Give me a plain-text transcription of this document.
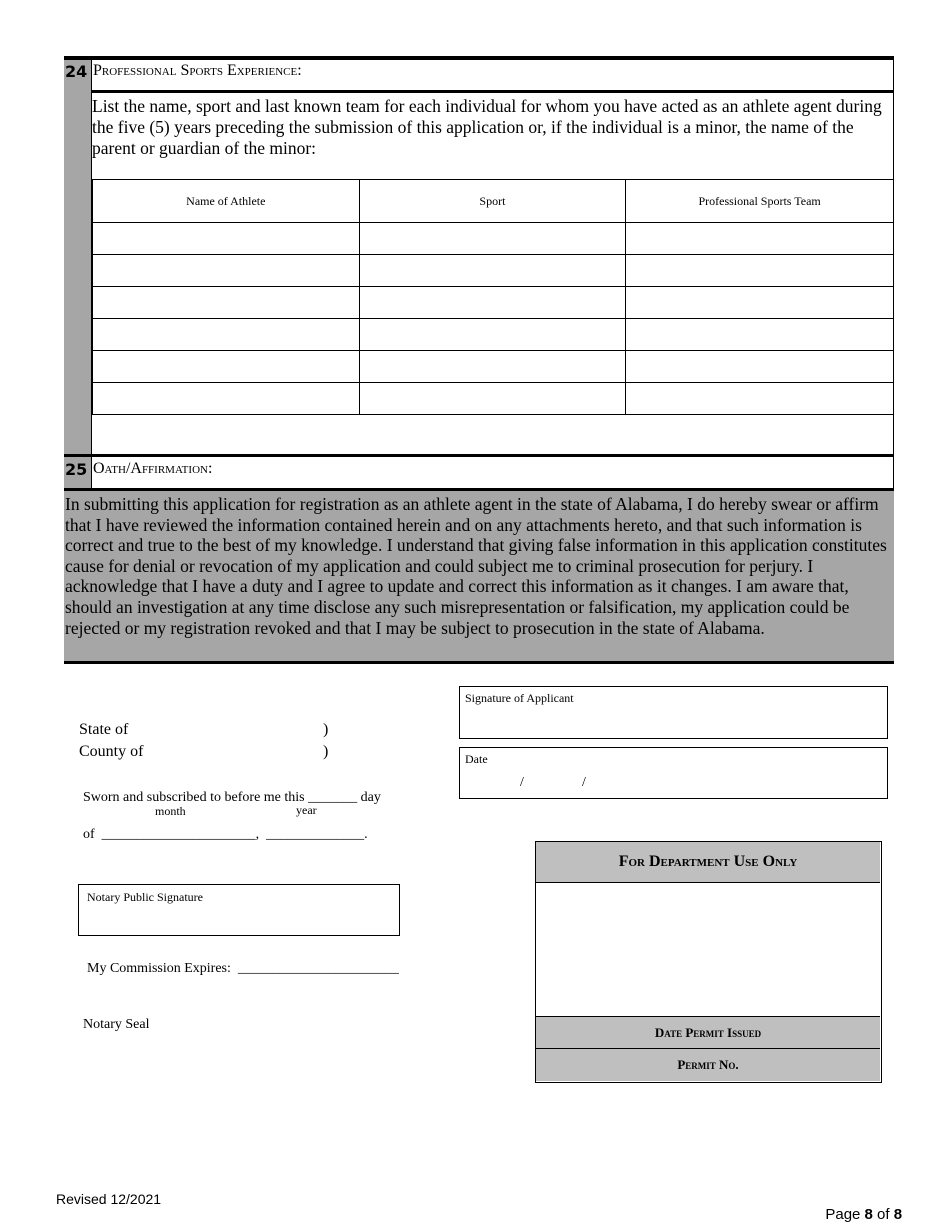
24 Professional Sports Experience:
List the name, sport and last known team for each individual for whom you have acted as an athlete agent during the five (5) years preceding the submission of this application or, if the individual is a minor, the name of the parent or guardian of the minor:
Name of Athlete	Sport	Professional Sports Team

25 Oath/Affirmation:
In submitting this application for registration as an athlete agent in the state of Alabama, I do hereby swear or affirm that I have reviewed the information contained herein and on any attachments hereto, and that such information is correct and true to the best of my knowledge. I understand that giving false information in this application constitutes cause for denial or revocation of my application and could subject me to criminal prosecution for perjury. I acknowledge that I have a duty and I agree to update and correct this information as it changes. I am aware that, should an investigation at any time disclose any such misrepresentation or falsification, my application could be rejected or my registration revoked and that I may be subject to prosecution in the state of Alabama.
State of	)
County of	)
Sworn and subscribed to before me this _______ day
month	year
of  ______________________,  ______________.
Notary Public Signature
My Commission Expires:  _______________________
Notary Seal
Signature of Applicant
Date
/	/
For Department Use Only
Date Permit Issued
Permit No.
Revised 12/2021

Page 8 of 8
